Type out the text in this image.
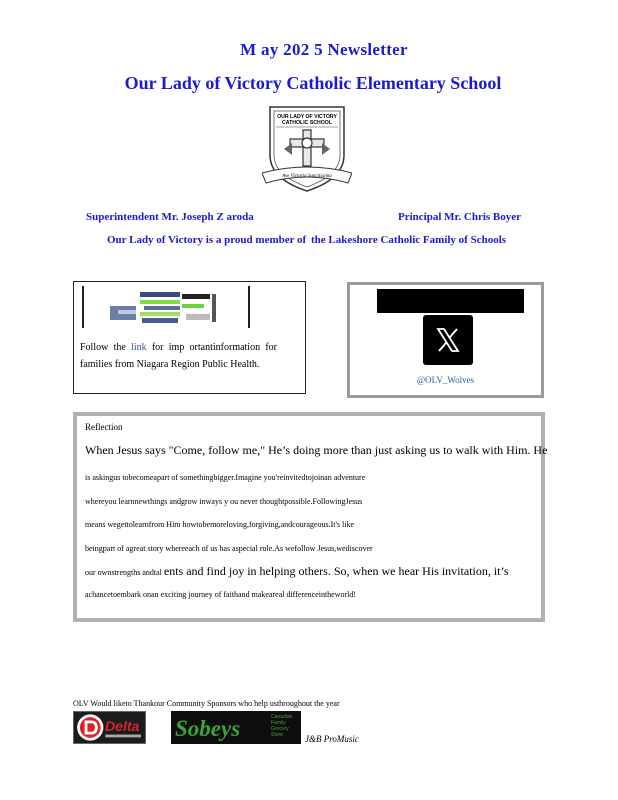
M ay 202 5 Newsletter
Our Lady of Victory Catholic Elementary School
OUR LADY OF VICTORY
CATHOLIC SCHOOL
Ave Victoria Sanctissima
Superintendent Mr. Joseph Z aroda	Principal Mr. Chris Boyer
Our Lady of Victory is a proud member of the Lakeshore Catholic Family of Schools
Follow the link for imp ortantinformation for families from Niagara Region Public Health.
@OLV_Wolves
Reflection
When Jesus says "Come, follow me," He’s doing more than just asking us to walk with Him. He
is askingus tobecomeapart of somethingbigger.Imagine you'reinvitedtojoinan adventure
whereyou learnnewthings andgrow inways y ou never thoughtpossible.FollowingJesus
means wegettolearnfrom Him howtobemoreloving,forgiving,andcourageous.It's like
beingpart of agreat story whereeach of us has aspecial role.As wefollow Jesus,wediscover
our ownstrengths andtal ents and find joy in helping others. So, when we hear His invitation, it’s
achancetoembark onan exciting journey of faithand makeareal differenceintheworld!
OLV Would liketo Thankour Community Sponsors who help usthroughout the year
Delta Sobeys	Canadian Family Grocery Store	J&B ProMusic
